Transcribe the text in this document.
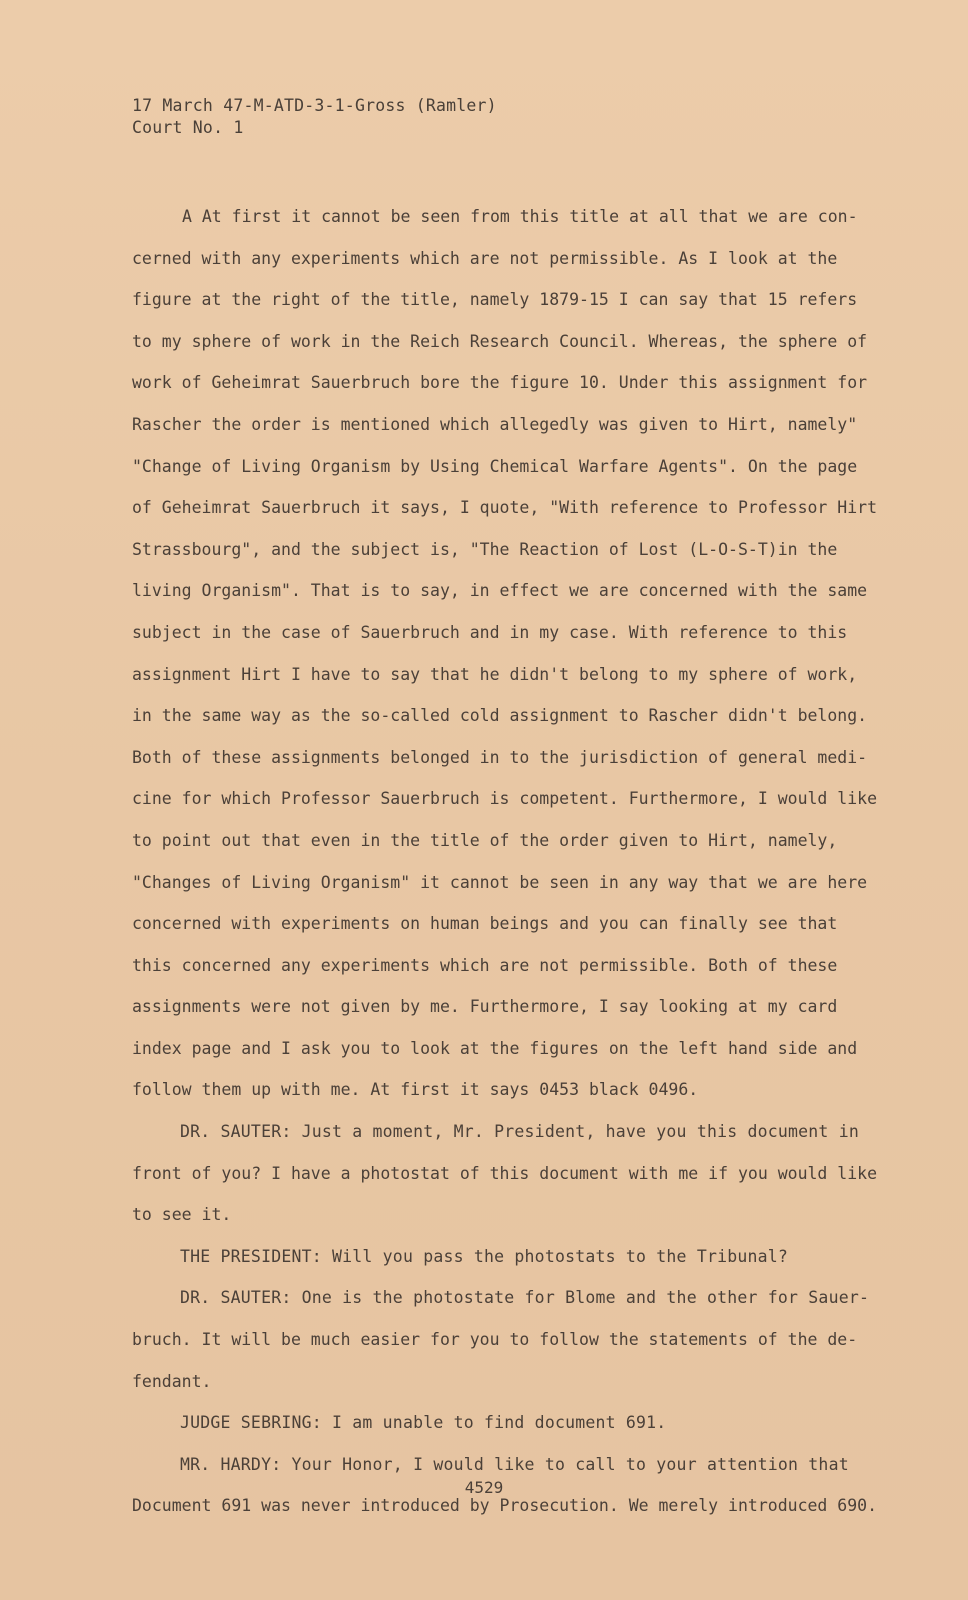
17 March 47-M-ATD-3-1-Gross (Ramler)
Court No. 1
A At first it cannot be seen from this title at all that we are con-
cerned with any experiments which are not permissible. As I look at the
figure at the right of the title, namely 1879-15 I can say that 15 refers
to my sphere of work in the Reich Research Council. Whereas, the sphere of
work of Geheimrat Sauerbruch bore the figure 10. Under this assignment for
Rascher the order is mentioned which allegedly was given to Hirt, namely"
"Change of Living Organism by Using Chemical Warfare Agents". On the page
of Geheimrat Sauerbruch it says, I quote, "With reference to Professor Hirt
Strassbourg", and the subject is, "The Reaction of Lost (L-O-S-T)in the
living Organism". That is to say, in effect we are concerned with the same
subject in the case of Sauerbruch and in my case. With reference to this
assignment Hirt I have to say that he didn't belong to my sphere of work,
in the same way as the so-called cold assignment to Rascher didn't belong.
Both of these assignments belonged in to the jurisdiction of general medi-
cine for which Professor Sauerbruch is competent. Furthermore, I would like
to point out that even in the title of the order given to Hirt, namely,
"Changes of Living Organism" it cannot be seen in any way that we are here
concerned with experiments on human beings and you can finally see that
this concerned any experiments which are not permissible. Both of these
assignments were not given by me. Furthermore, I say looking at my card
index page and I ask you to look at the figures on the left hand side and
follow them up with me. At first it says 0453 black 0496.
DR. SAUTER: Just a moment, Mr. President, have you this document in
front of you? I have a photostat of this document with me if you would like
to see it.
THE PRESIDENT: Will you pass the photostats to the Tribunal?
DR. SAUTER: One is the photostate for Blome and the other for Sauer-
bruch. It will be much easier for you to follow the statements of the de-
fendant.
JUDGE SEBRING: I am unable to find document 691.
MR. HARDY: Your Honor, I would like to call to your attention that
Document 691 was never introduced by Prosecution. We merely introduced 690.
4529
